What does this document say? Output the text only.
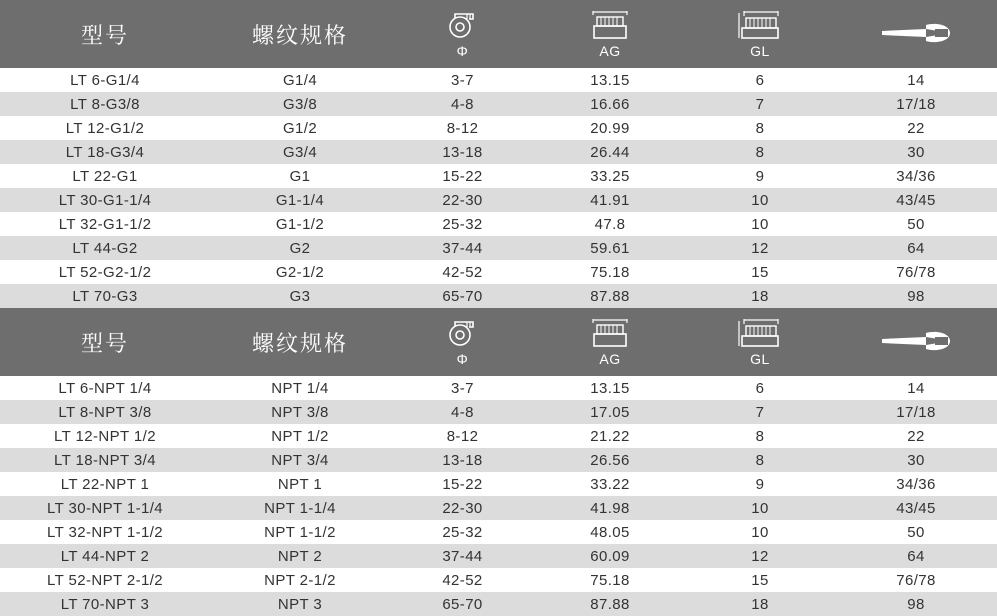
型号	螺纹规格	Φ	AG	GL

LT 6-G1/4	G1/4	3-7	13.15	6	14
LT 8-G3/8	G3/8	4-8	16.66	7	17/18
LT 12-G1/2	G1/2	8-12	20.99	8	22
LT 18-G3/4	G3/4	13-18	26.44	8	30
LT 22-G1	G1	15-22	33.25	9	34/36
LT 30-G1-1/4	G1-1/4	22-30	41.91	10	43/45
LT 32-G1-1/2	G1-1/2	25-32	47.8	10	50
LT 44-G2	G2	37-44	59.61	12	64
LT 52-G2-1/2	G2-1/2	42-52	75.18	15	76/78
LT 70-G3	G3	65-70	87.88	18	98
型号	螺纹规格	Φ	AG	GL

LT 6-NPT 1/4	NPT 1/4	3-7	13.15	6	14
LT 8-NPT 3/8	NPT 3/8	4-8	17.05	7	17/18
LT 12-NPT 1/2	NPT 1/2	8-12	21.22	8	22
LT 18-NPT 3/4	NPT 3/4	13-18	26.56	8	30
LT 22-NPT 1	NPT 1	15-22	33.22	9	34/36
LT 30-NPT 1-1/4	NPT 1-1/4	22-30	41.98	10	43/45
LT 32-NPT 1-1/2	NPT 1-1/2	25-32	48.05	10	50
LT 44-NPT 2	NPT 2	37-44	60.09	12	64
LT 52-NPT 2-1/2	NPT 2-1/2	42-52	75.18	15	76/78
LT 70-NPT 3	NPT 3	65-70	87.88	18	98
